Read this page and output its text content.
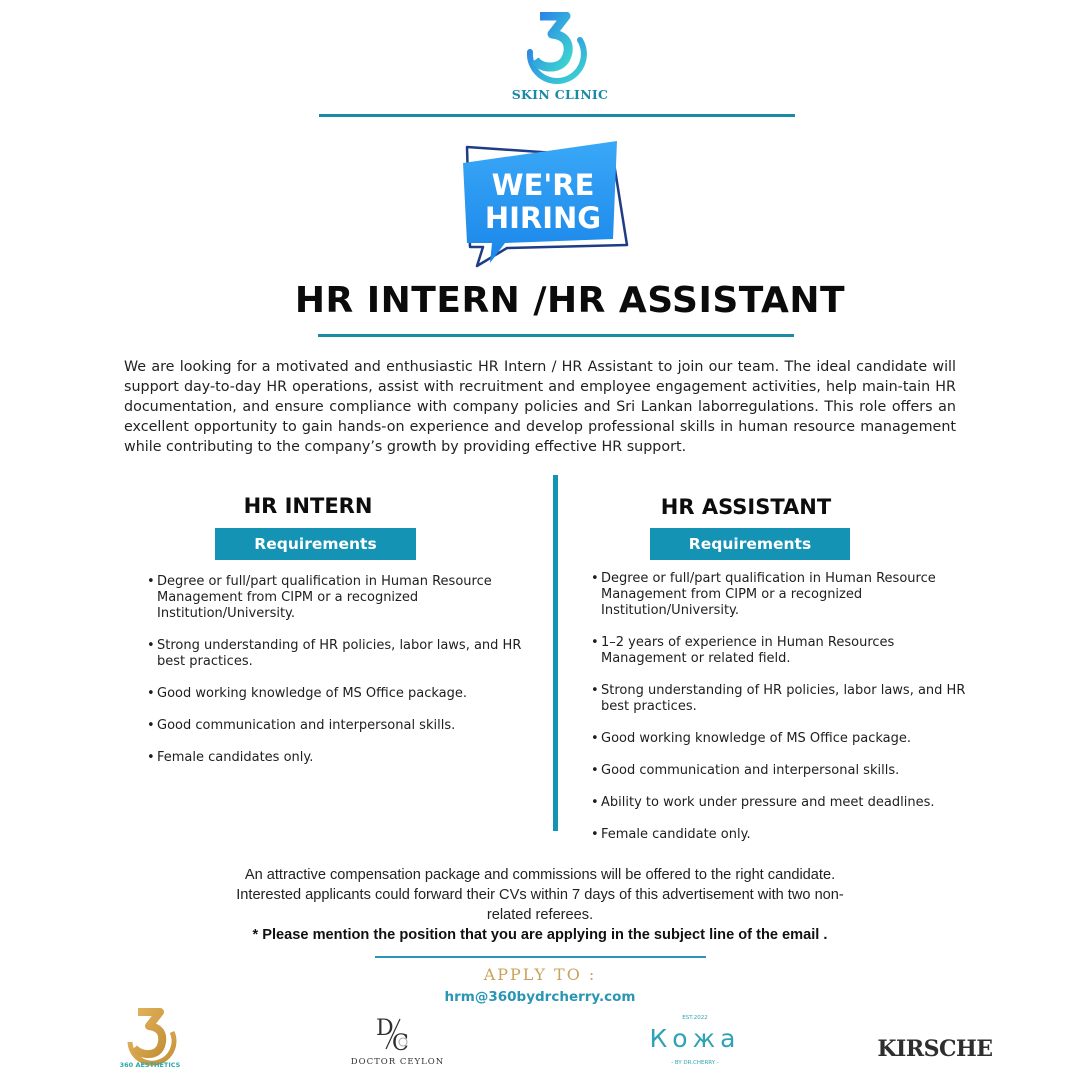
SKIN CLINIC
WE'RE
HIRING
HR INTERN /HR ASSISTANT
We are looking for a motivated and enthusiastic HR Intern / HR Assistant to join our team. The ideal candidate will support day-to-day HR operations, assist with recruitment and employee engagement activities, help main-tain HR documentation, and ensure compliance with company policies and Sri Lankan laborregulations. This role offers an excellent opportunity to gain hands-on experience and develop professional skills in human resource management while contributing to the company’s growth by providing effective HR support.
HR INTERN
Requirements
• Degree or full/part qualification in Human Resource Management from CIPM or a recognized Institution/University.
• Strong understanding of HR policies, labor laws, and HR best practices.
• Good working knowledge of MS Office package.
• Good communication and interpersonal skills.
• Female candidates only.
HR ASSISTANT
Requirements
• Degree or full/part qualification in Human Resource Management from CIPM or a recognized Institution/University.
• 1–2 years of experience in Human Resources Management or related field.
• Strong understanding of HR policies, labor laws, and HR best practices.
• Good working knowledge of MS Office package.
• Good communication and interpersonal skills.
• Ability to work under pressure and meet deadlines.
• Female candidate only.
An attractive compensation package and commissions will be offered to the right candidate. Interested applicants could forward their CVs within 7 days of this advertisement with two non-related referees.
* Please mention the position that you are applying in the subject line of the email .
APPLY TO :
hrm@360bydrcherry.com
360 AESTHETICS
D
C
DOCTOR CEYLON
EST.2022
Кожа
- BY DR.CHERRY -
KIRSCHE
